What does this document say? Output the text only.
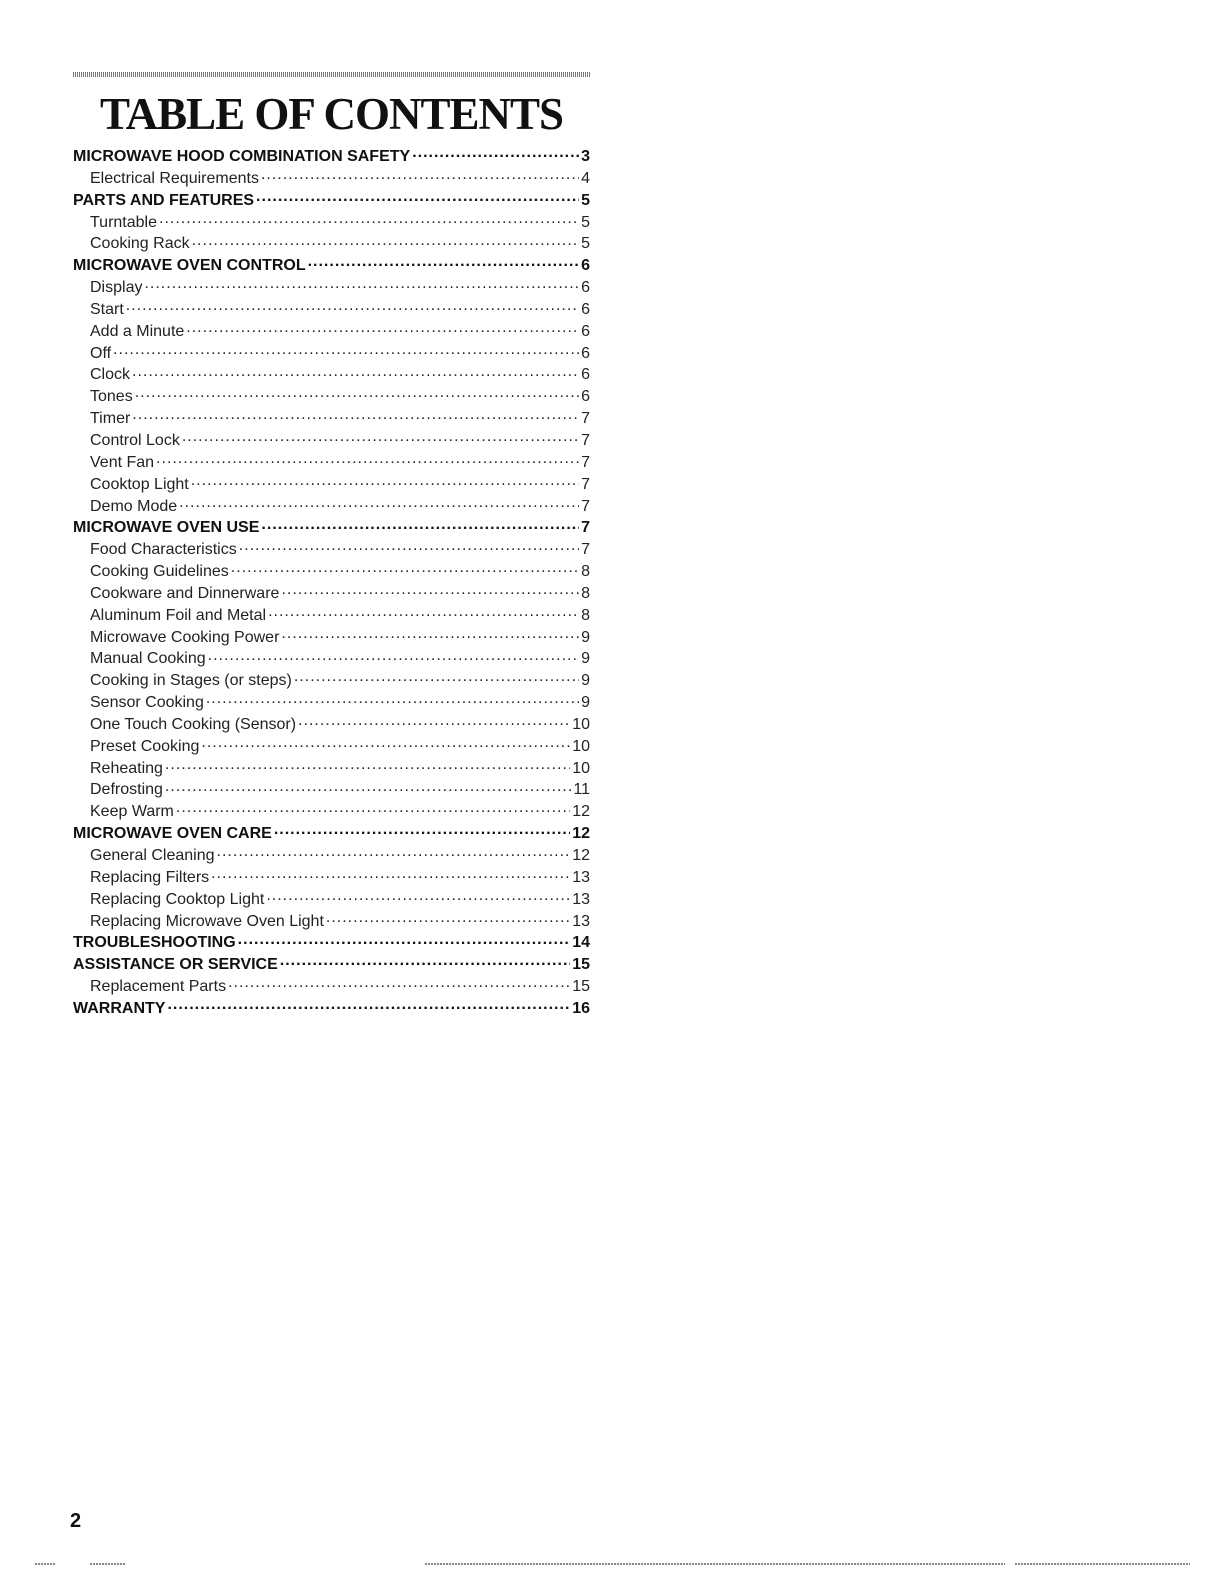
TABLE OF CONTENTS
MICROWAVE HOOD COMBINATION SAFETY .....	3
Electrical Requirements .....	4
PARTS AND FEATURES .....	5
Turntable .....	5
Cooking Rack .....	5
MICROWAVE OVEN CONTROL .....	6
Display .....	6
Start .....	6
Add a Minute .....	6
Off .....	6
Clock .....	6
Tones .....	6
Timer .....	7
Control Lock .....	7
Vent Fan .....	7
Cooktop Light .....	7
Demo Mode .....	7
MICROWAVE OVEN USE .....	7
Food Characteristics .....	7
Cooking Guidelines .....	8
Cookware and Dinnerware .....	8
Aluminum Foil and Metal .....	8
Microwave Cooking Power .....	9
Manual Cooking .....	9
Cooking in Stages (or steps) .....	9
Sensor Cooking .....	9
One Touch Cooking (Sensor) .....	10
Preset Cooking .....	10
Reheating .....	10
Defrosting .....	11
Keep Warm .....	12
MICROWAVE OVEN CARE .....	12
General Cleaning .....	12
Replacing Filters .....	13
Replacing Cooktop Light .....	13
Replacing Microwave Oven Light .....	13
TROUBLESHOOTING .....	14
ASSISTANCE OR SERVICE .....	15
Replacement Parts .....	15
WARRANTY .....	16
2
